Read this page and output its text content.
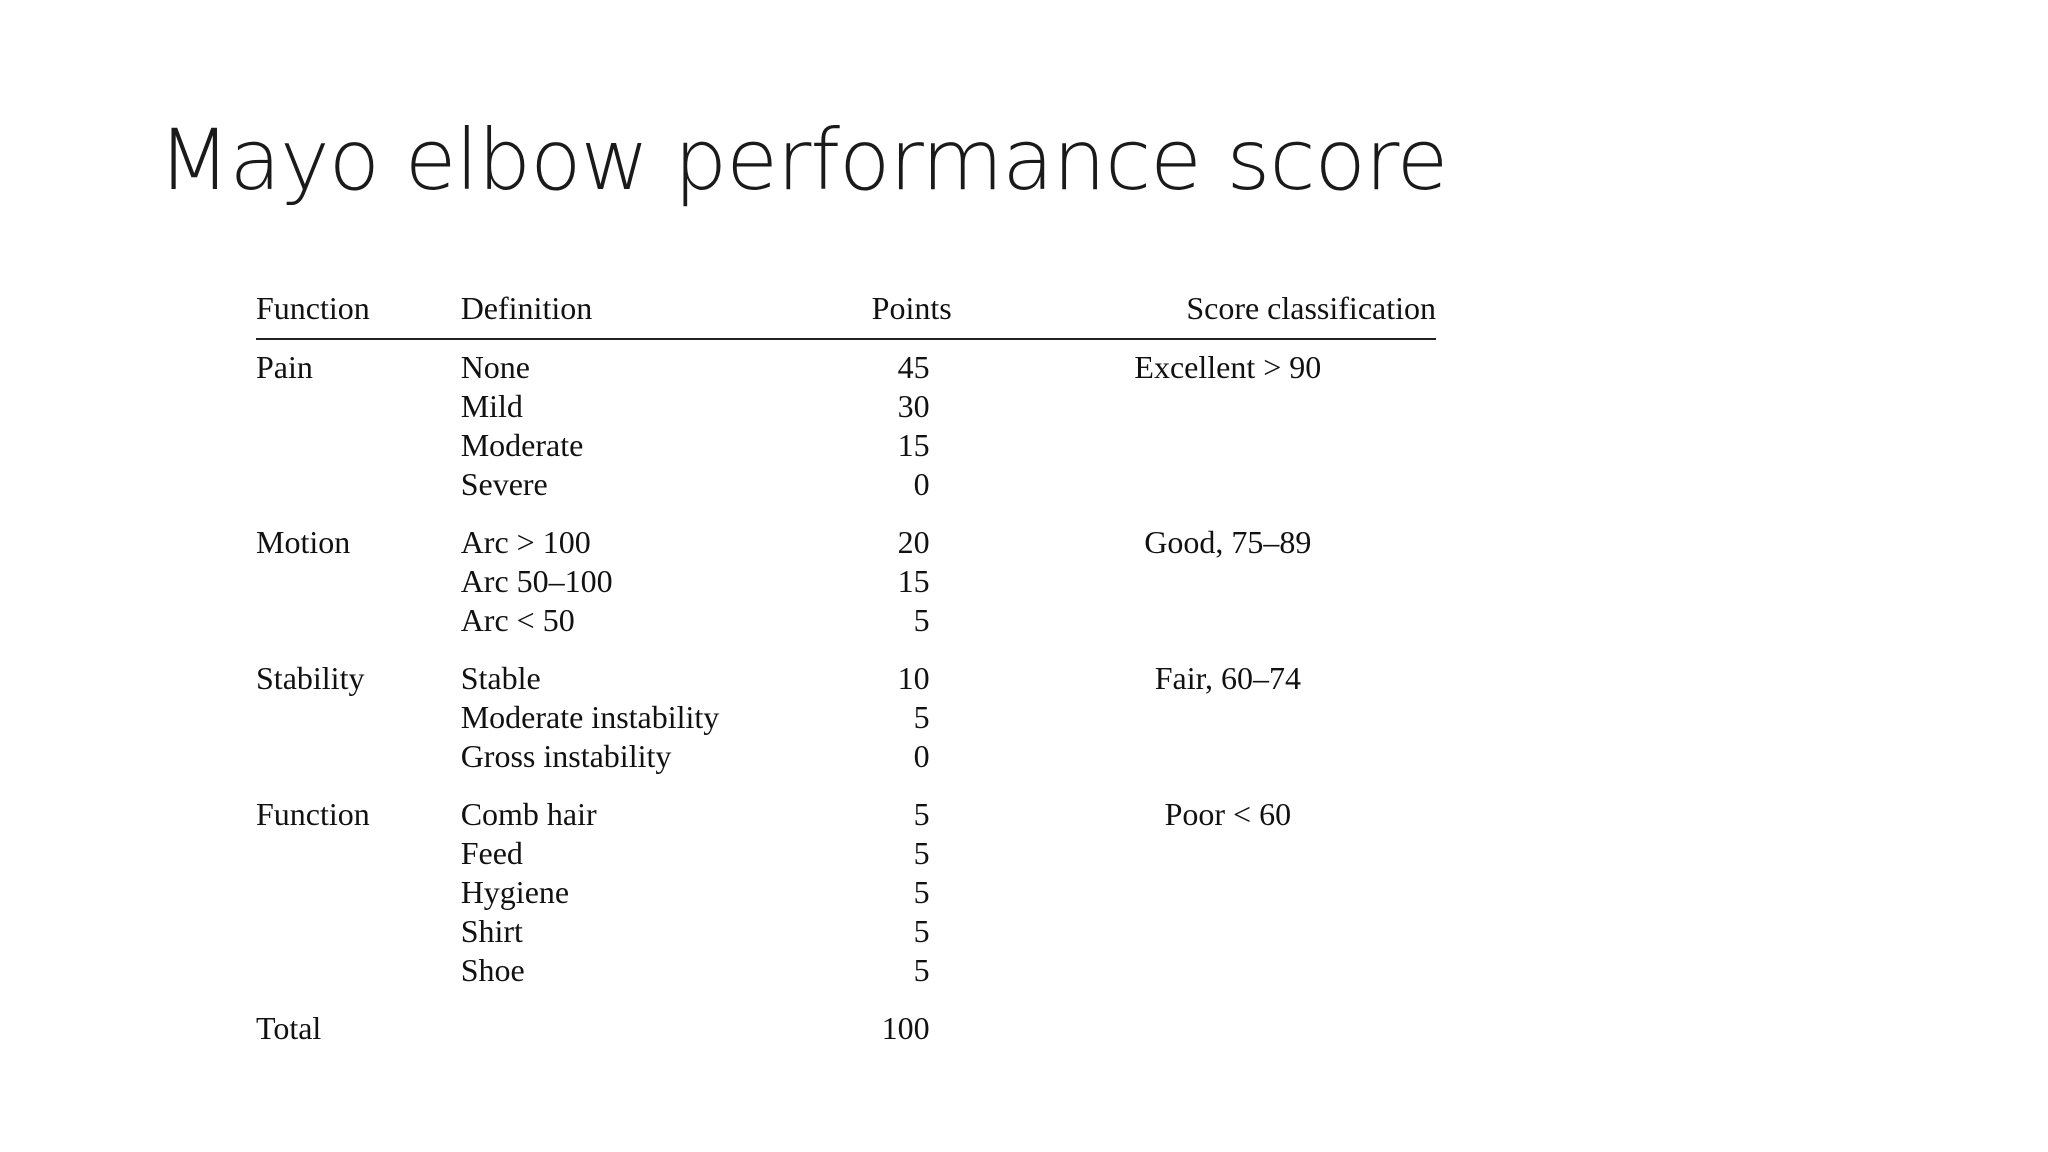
Mayo elbow performance score
Function	Definition	Points	Score classification
Pain	None	45	Excellent > 90
	Mild	30	
	Moderate	15	
	Severe	0	
Motion	Arc > 100	20	Good, 75–89
	Arc 50–100	15	
	Arc < 50	5	
Stability	Stable	10	Fair, 60–74
	Moderate instability	5	
	Gross instability	0	
Function	Comb hair	5	Poor < 60
	Feed	5	
	Hygiene	5	
	Shirt	5	
	Shoe	5	
Total		100	
